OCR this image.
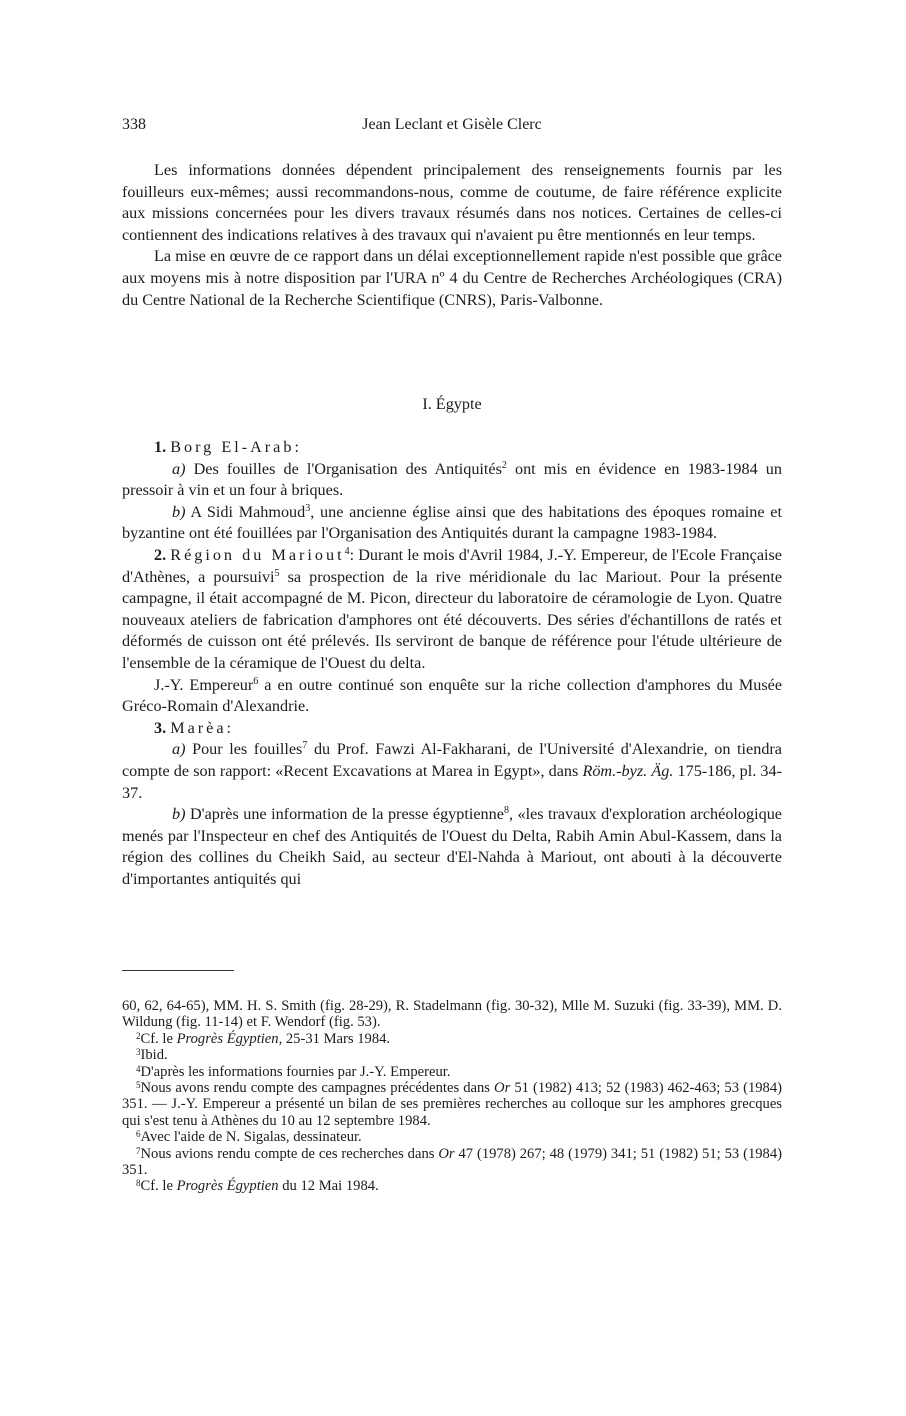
338	Jean Leclant et Gisèle Clerc

Les informations données dépendent principalement des renseignements fournis par les fouilleurs eux-mêmes; aussi recommandons-nous, comme de coutume, de faire référence explicite aux missions concernées pour les divers travaux résumés dans nos notices. Certaines de celles-ci contiennent des indications relatives à des travaux qui n'avaient pu être mentionnés en leur temps.

La mise en œuvre de ce rapport dans un délai exceptionnellement rapide n'est possible que grâce aux moyens mis à notre disposition par l'URA nº 4 du Centre de Recherches Archéologiques (CRA) du Centre National de la Recherche Scientifique (CNRS), Paris-Valbonne.

I. Égypte

1. Borg El-Arab:

a) Des fouilles de l'Organisation des Antiquités$^2$ ont mis en évidence en 1983-1984 un pressoir à vin et un four à briques.

b) A Sidi Mahmoud$^3$, une ancienne église ainsi que des habitations des époques romaine et byzantine ont été fouillées par l'Organisation des Antiquités durant la campagne 1983-1984.

2. Région du Mariout$^4$: Durant le mois d'Avril 1984, J.-Y. Empereur, de l'Ecole Française d'Athènes, a poursuivi$^5$ sa prospection de la rive méridionale du lac Mariout. Pour la présente campagne, il était accompagné de M. Picon, directeur du laboratoire de céramologie de Lyon. Quatre nouveaux ateliers de fabrication d'amphores ont été découverts. Des séries d'échantillons de ratés et déformés de cuisson ont été prélevés. Ils serviront de banque de référence pour l'étude ultérieure de l'ensemble de la céramique de l'Ouest du delta.

J.-Y. Empereur$^6$ a en outre continué son enquête sur la riche collection d'amphores du Musée Gréco-Romain d'Alexandrie.

3. Marèa:

a) Pour les fouilles$^7$ du Prof. Fawzi Al-Fakharani, de l'Université d'Alexandrie, on tiendra compte de son rapport: «Recent Excavations at Marea in Egypt», dans Röm.-byz. Äg. 175-186, pl. 34-37.

b) D'après une information de la presse égyptienne$^8$, «les travaux d'exploration archéologique menés par l'Inspecteur en chef des Antiquités de l'Ouest du Delta, Rabih Amin Abul-Kassem, dans la région des collines du Cheikh Said, au secteur d'El-Nahda à Mariout, ont abouti à la découverte d'importantes antiquités qui

60, 62, 64-65), MM. H. S. Smith (fig. 28-29), R. Stadelmann (fig. 30-32), Mlle M. Suzuki (fig. 33-39), MM. D. Wildung (fig. 11-14) et F. Wendorf (fig. 53).

$^2$Cf. le Progrès Égyptien, 25-31 Mars 1984.

$^3$Ibid.

$^4$D'après les informations fournies par J.-Y. Empereur.

$^5$Nous avons rendu compte des campagnes précédentes dans Or 51 (1982) 413; 52 (1983) 462-463; 53 (1984) 351. — J.-Y. Empereur a présenté un bilan de ses premières recherches au colloque sur les amphores grecques qui s'est tenu à Athènes du 10 au 12 septembre 1984.

$^6$Avec l'aide de N. Sigalas, dessinateur.

$^7$Nous avions rendu compte de ces recherches dans Or 47 (1978) 267; 48 (1979) 341; 51 (1982) 51; 53 (1984) 351.

$^8$Cf. le Progrès Égyptien du 12 Mai 1984.
